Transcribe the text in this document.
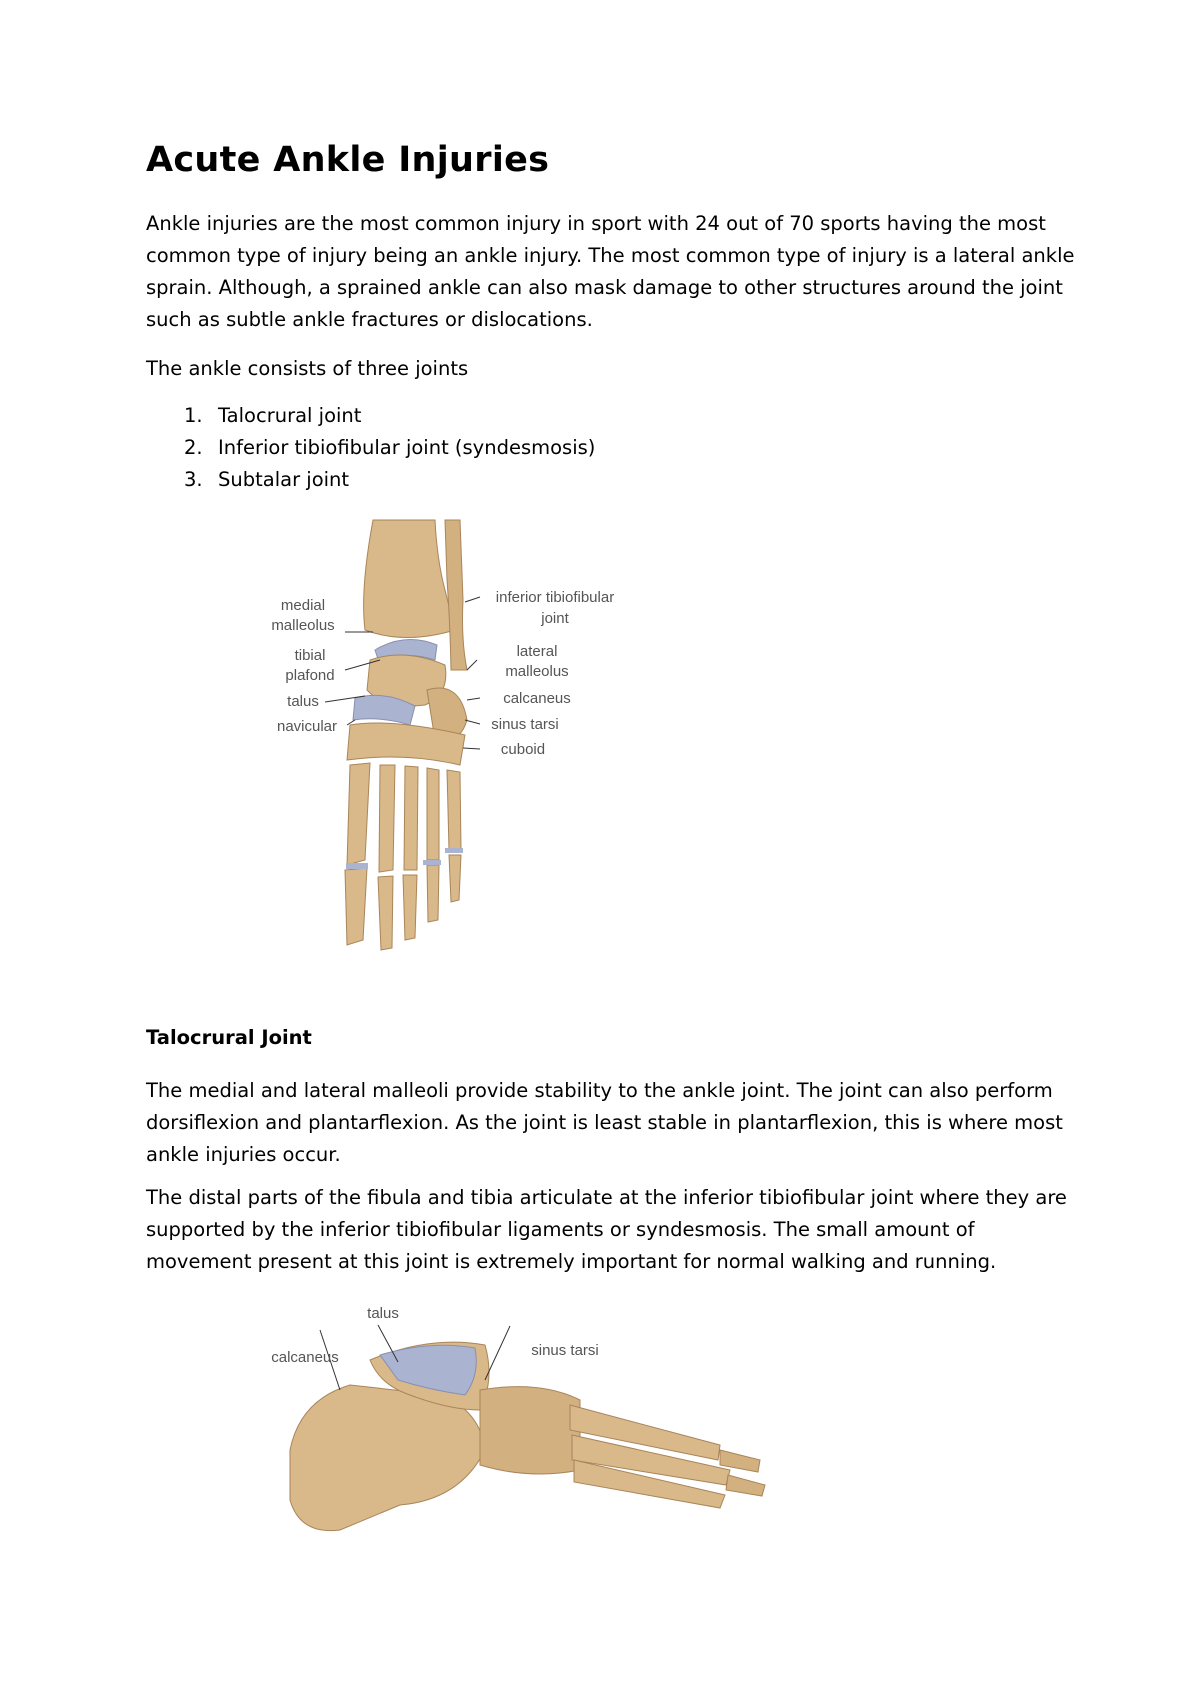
Acute Ankle Injuries

Ankle injuries are the most common injury in sport with 24 out of 70 sports having the most common type of injury being an ankle injury. The most common type of injury is a lateral ankle sprain. Although, a sprained ankle can also mask damage to other structures around the joint such as subtle ankle fractures or dislocations.

The ankle consists of three joints

1. Talocrural joint
2. Inferior tibiofibular joint (syndesmosis)
3. Subtalar joint
medial
malleolus
tibial
plafond
talus
navicular
inferior tibiofibular
joint
lateral
malleolus
calcaneus
sinus tarsi
cuboid
Talocrural Joint

The medial and lateral malleoli provide stability to the ankle joint. The joint can also perform dorsiflexion and plantarflexion. As the joint is least stable in plantarflexion, this is where most ankle injuries occur.

The distal parts of the fibula and tibia articulate at the inferior tibiofibular joint where they are supported by the inferior tibiofibular ligaments or syndesmosis. The small amount of movement present at this joint is extremely important for normal walking and running.

talus
calcaneus	sinus tarsi
